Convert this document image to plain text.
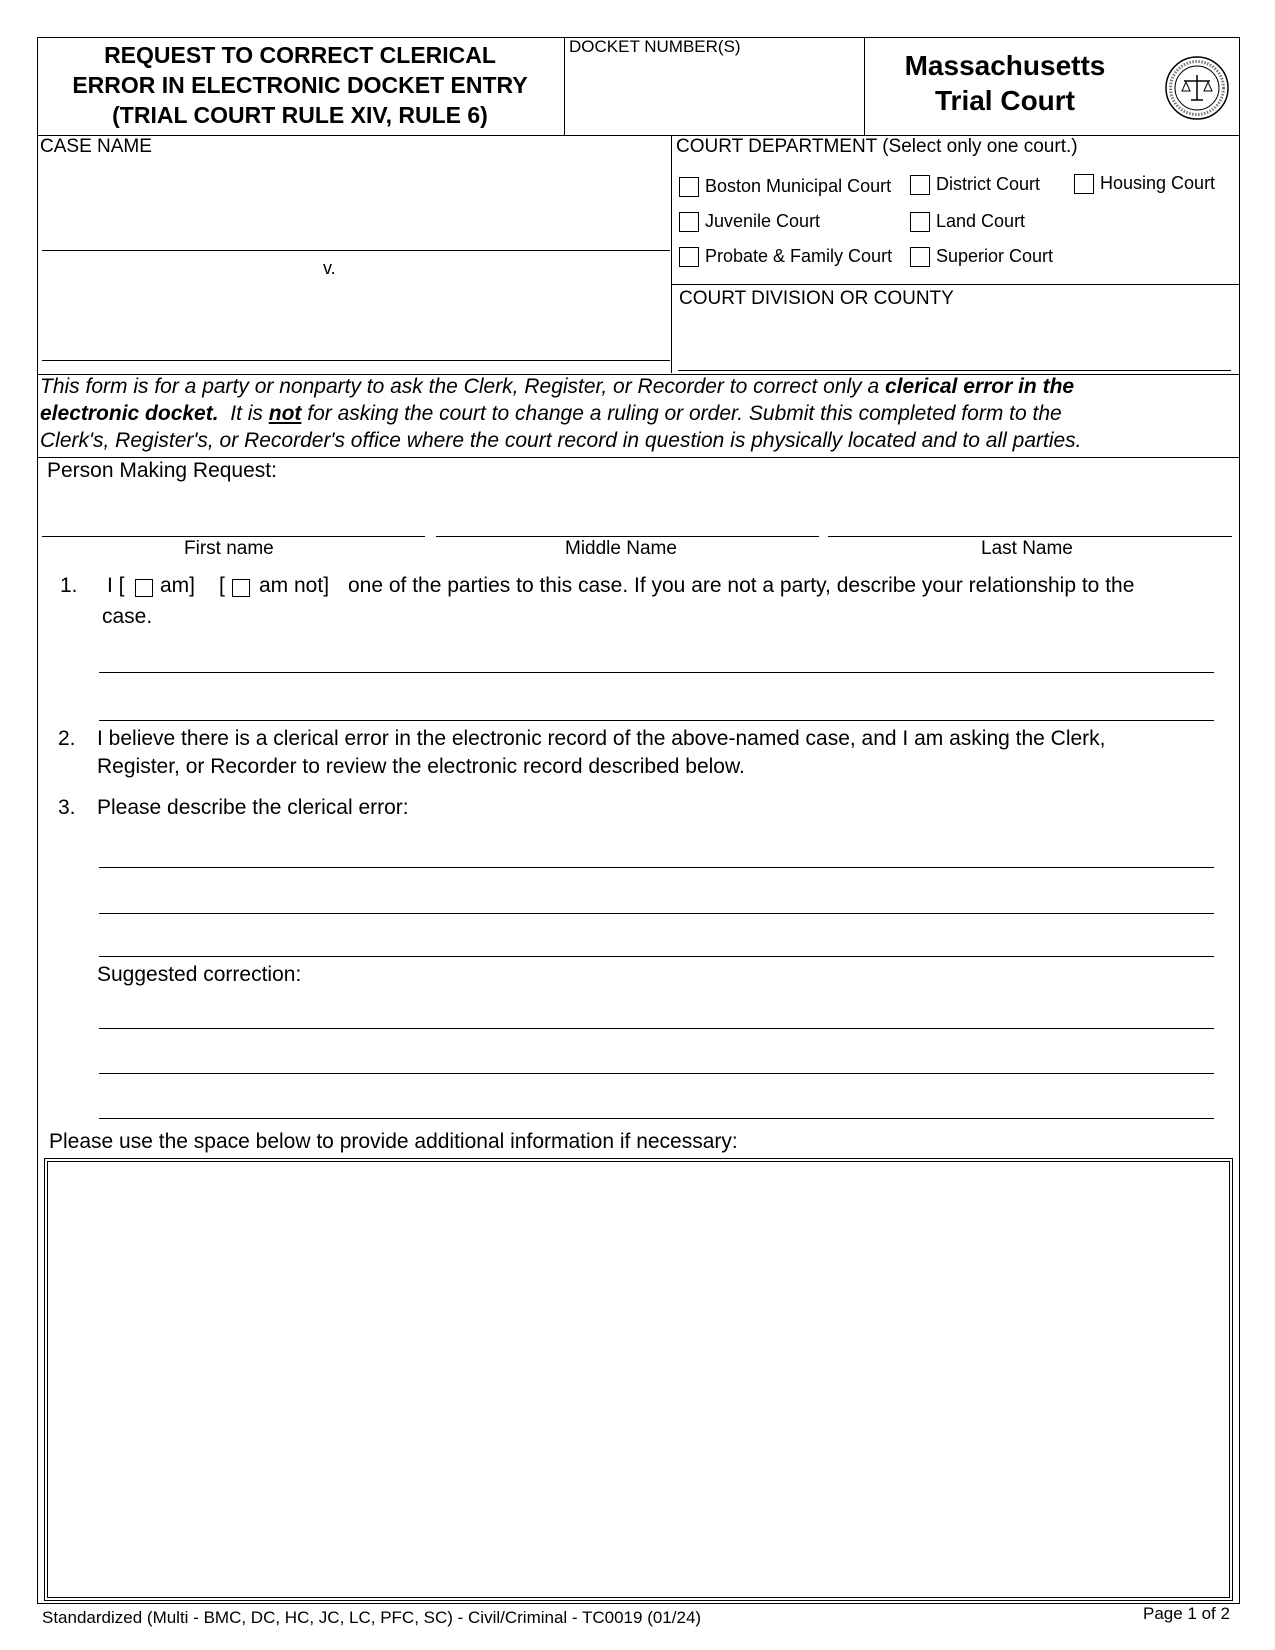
REQUEST TO CORRECT CLERICAL
ERROR IN ELECTRONIC DOCKET ENTRY
(TRIAL COURT RULE XIV, RULE 6)
DOCKET NUMBER(S)
Massachusetts
Trial Court
CASE NAME
v.
COURT DEPARTMENT (Select only one court.)
Boston Municipal Court District Court	Housing Court
Juvenile Court	Land Court
Probate & Family Court Superior Court
COURT DIVISION OR COUNTY
This form is for a party or nonparty to ask the Clerk, Register, or Recorder to correct only a clerical error in the
electronic docket.  It is not for asking the court to change a ruling or order. Submit this completed form to the
Clerk's, Register's, or Recorder's office where the court record in question is physically located and to all parties.
Person Making Request:
First name	Middle Name	Last Name
1. I [ am] [ am not] one of the parties to this case. If you are not a party, describe your relationship to the
case.
2. I believe there is a clerical error in the electronic record of the above-named case, and I am asking the Clerk,
Register, or Recorder to review the electronic record described below.
3. Please describe the clerical error:
Suggested correction:
Please use the space below to provide additional information if necessary:
Standardized (Multi - BMC, DC, HC, JC, LC, PFC, SC) - Civil/Criminal - TC0019 (01/24)	Page 1 of 2
